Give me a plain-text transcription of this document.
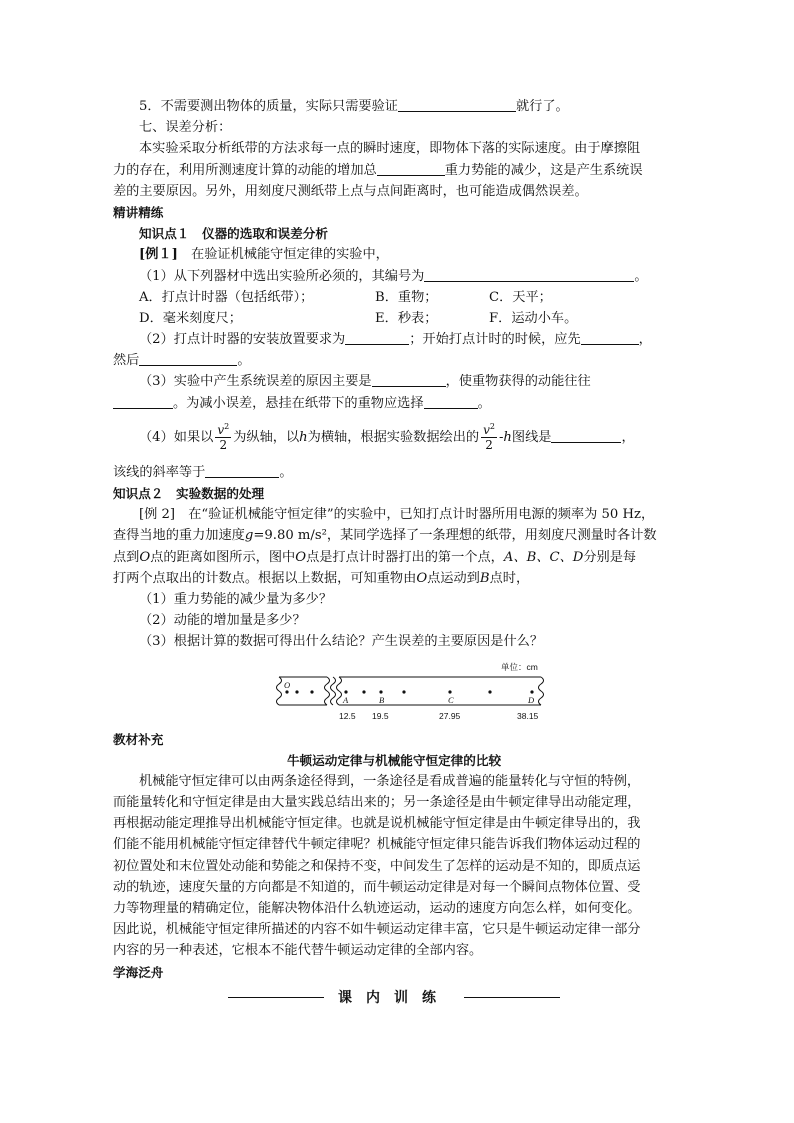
5．不需要测出物体的质量，实际只需要验证	就行了。
七、误差分析：
本实验采取分析纸带的方法求每一点的瞬时速度，即物体下落的实际速度。由于摩擦阻
力的存在，利用所测速度计算的动能的增加总	重力势能的减少，这是产生系统误
差的主要原因。另外，用刻度尺测纸带上点与点间距离时，也可能造成偶然误差。
精讲精练
知识点１　仪器的选取和误差分析
[例１]　 在验证机械能守恒定律的实验中，
（1）从下列器材中选出实验所必须的，其编号为	。
A．打点计时器（包括纸带）；	B．重物；	C．天平；
D．毫米刻度尺；	E．秒表；	F．运动小车。
（2）打点计时器的安装放置要求为	；开始打点计时的时候，应先	，
然后	。
（3）实验中产生系统误差的原因主要是	，使重物获得的动能往往
。为减小误差，悬挂在纸带下的重物应选择	。
（4）如果以 $\frac{v^2}{2}$ 为纵轴，以h为横轴，根据实验数据绘出的 $\frac{v^2}{2} -h$图线是	，
该线的斜率等于	。
知识点２　实验数据的处理
[例 2]　在“验证机械能守恒定律”的实验中，已知打点计时器所用电源的频率为 50 Hz，
查得当地的重力加速度g=9.80 m/s²，某同学选择了一条理想的纸带，用刻度尺测量时各计数
点到O点的距离如图所示，图中O点是打点计时器打出的第一个点，A、B、C、D分别是每
打两个点取出的计数点。根据以上数据，可知重物由O点运动到B点时，
（1）重力势能的减少量为多少？
（2）动能的增加量是多少？
（3）根据计算的数据可得出什么结论？产生误差的主要原因是什么？
单位：cm
O
A	B	C	D
12.5 19.5	27.95	38.15
教材补充
牛顿运动定律与机械能守恒定律的比较
机械能守恒定律可以由两条途径得到，一条途径是看成普遍的能量转化与守恒的特例，
而能量转化和守恒定律是由大量实践总结出来的；另一条途径是由牛顿定律导出动能定理，
再根据动能定理推导出机械能守恒定律。也就是说机械能守恒定律是由牛顿定律导出的，我
们能不能用机械能守恒定律替代牛顿定律呢？机械能守恒定律只能告诉我们物体运动过程的
初位置处和末位置处动能和势能之和保持不变，中间发生了怎样的运动是不知的，即质点运
动的轨迹，速度矢量的方向都是不知道的，而牛顿运动定律是对每一个瞬间点物体位置、受
力等物理量的精确定位，能解决物体沿什么轨迹运动，运动的速度方向怎么样，如何变化。
因此说，机械能守恒定律所描述的内容不如牛顿运动定律丰富，它只是牛顿运动定律一部分
内容的另一种表述，它根本不能代替牛顿运动定律的全部内容。
学海泛舟
课内训练
